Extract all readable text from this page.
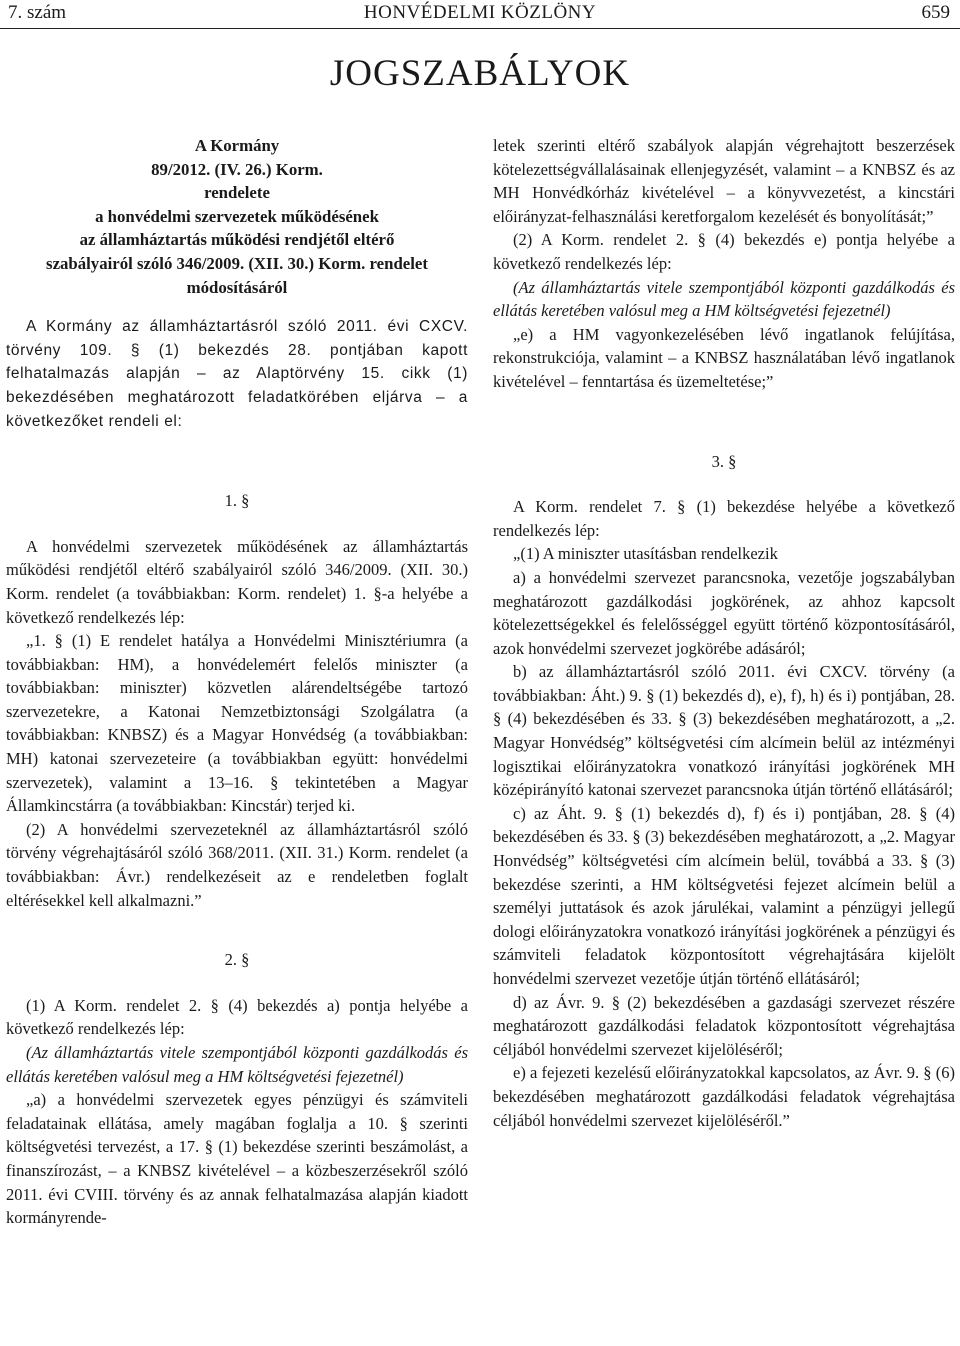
7. szám	HONVÉDELMI KÖZLÖNY	659
JOGSZABÁLYOK
A Kormány
89/2012. (IV. 26.) Korm.
rendelete
a honvédelmi szervezetek működésének
az államháztartás működési rendjétől eltérő
szabályairól szóló 346/2009. (XII. 30.) Korm. rendelet
módosításáról

A Kormány az államháztartásról szóló 2011. évi CXCV. törvény 109. § (1) bekezdés 28. pontjában kapott felhatalmazás alapján – az Alaptörvény 15. cikk (1) bekezdésében meghatározott feladatkörében eljárva – a következőket rendeli el:

1. §

A honvédelmi szervezetek működésének az államháztartás működési rendjétől eltérő szabályairól szóló 346/2009. (XII. 30.) Korm. rendelet (a továbbiakban: Korm. rendelet) 1. §-a helyébe a következő rendelkezés lép:

„1. § (1) E rendelet hatálya a Honvédelmi Minisztériumra (a továbbiakban: HM), a honvédelemért felelős miniszter (a továbbiakban: miniszter) közvetlen alárendeltségébe tartozó szervezetekre, a Katonai Nemzetbiztonsági Szolgálatra (a továbbiakban: KNBSZ) és a Magyar Honvédség (a továbbiakban: MH) katonai szervezeteire (a továbbiakban együtt: honvédelmi szervezetek), valamint a 13–16. § tekintetében a Magyar Államkincstárra (a továbbiakban: Kincstár) terjed ki.

(2) A honvédelmi szervezeteknél az államháztartásról szóló törvény végrehajtásáról szóló 368/2011. (XII. 31.) Korm. rendelet (a továbbiakban: Ávr.) rendelkezéseit az e rendeletben foglalt eltérésekkel kell alkalmazni.”

2. §

(1) A Korm. rendelet 2. § (4) bekezdés a) pontja helyébe a következő rendelkezés lép:

(Az államháztartás vitele szempontjából központi gazdálkodás és ellátás keretében valósul meg a HM költségvetési fejezetnél)

„a) a honvédelmi szervezetek egyes pénzügyi és számviteli feladatainak ellátása, amely magában foglalja a 10. § szerinti költségvetési tervezést, a 17. § (1) bekezdése szerinti beszámolást, a finanszírozást, – a KNBSZ kivételével – a közbeszerzésekről szóló 2011. évi CVIII. törvény és az annak felhatalmazása alapján kiadott kormányrende-

letek szerinti eltérő szabályok alapján végrehajtott beszerzések kötelezettségvállalásainak ellenjegyzését, valamint – a KNBSZ és az MH Honvédkórház kivételével – a könyvvezetést, a kincstári előirányzat-felhasználási keretforgalom kezelését és bonyolítását;”

(2) A Korm. rendelet 2. § (4) bekezdés e) pontja helyébe a következő rendelkezés lép:

(Az államháztartás vitele szempontjából központi gazdálkodás és ellátás keretében valósul meg a HM költségvetési fejezetnél)

„e) a HM vagyonkezelésében lévő ingatlanok felújítása, rekonstrukciója, valamint – a KNBSZ használatában lévő ingatlanok kivételével – fenntartása és üzemeltetése;”

3. §

A Korm. rendelet 7. § (1) bekezdése helyébe a következő rendelkezés lép:

„(1) A miniszter utasításban rendelkezik

a) a honvédelmi szervezet parancsnoka, vezetője jogszabályban meghatározott gazdálkodási jogkörének, az ahhoz kapcsolt kötelezettségekkel és felelősséggel együtt történő központosításáról, azok honvédelmi szervezet jogkörébe adásáról;

b) az államháztartásról szóló 2011. évi CXCV. törvény (a továbbiakban: Áht.) 9. § (1) bekezdés d), e), f), h) és i) pontjában, 28. § (4) bekezdésében és 33. § (3) bekezdésében meghatározott, a „2. Magyar Honvédség” költségvetési cím alcímein belül az intézményi logisztikai előirányzatokra vonatkozó irányítási jogkörének MH középirányító katonai szervezet parancsnoka útján történő ellátásáról;

c) az Áht. 9. § (1) bekezdés d), f) és i) pontjában, 28. § (4) bekezdésében és 33. § (3) bekezdésében meghatározott, a „2. Magyar Honvédség” költségvetési cím alcímein belül, továbbá a 33. § (3) bekezdése szerinti, a HM költségvetési fejezet alcímein belül a személyi juttatások és azok járulékai, valamint a pénzügyi jellegű dologi előirányzatokra vonatkozó irányítási jogkörének a pénzügyi és számviteli feladatok központosított végrehajtására kijelölt honvédelmi szervezet vezetője útján történő ellátásáról;

d) az Ávr. 9. § (2) bekezdésében a gazdasági szervezet részére meghatározott gazdálkodási feladatok központosított végrehajtása céljából honvédelmi szervezet kijelöléséről;

e) a fejezeti kezelésű előirányzatokkal kapcsolatos, az Ávr. 9. § (6) bekezdésében meghatározott gazdálkodási feladatok végrehajtása céljából honvédelmi szervezet kijelöléséről.”
